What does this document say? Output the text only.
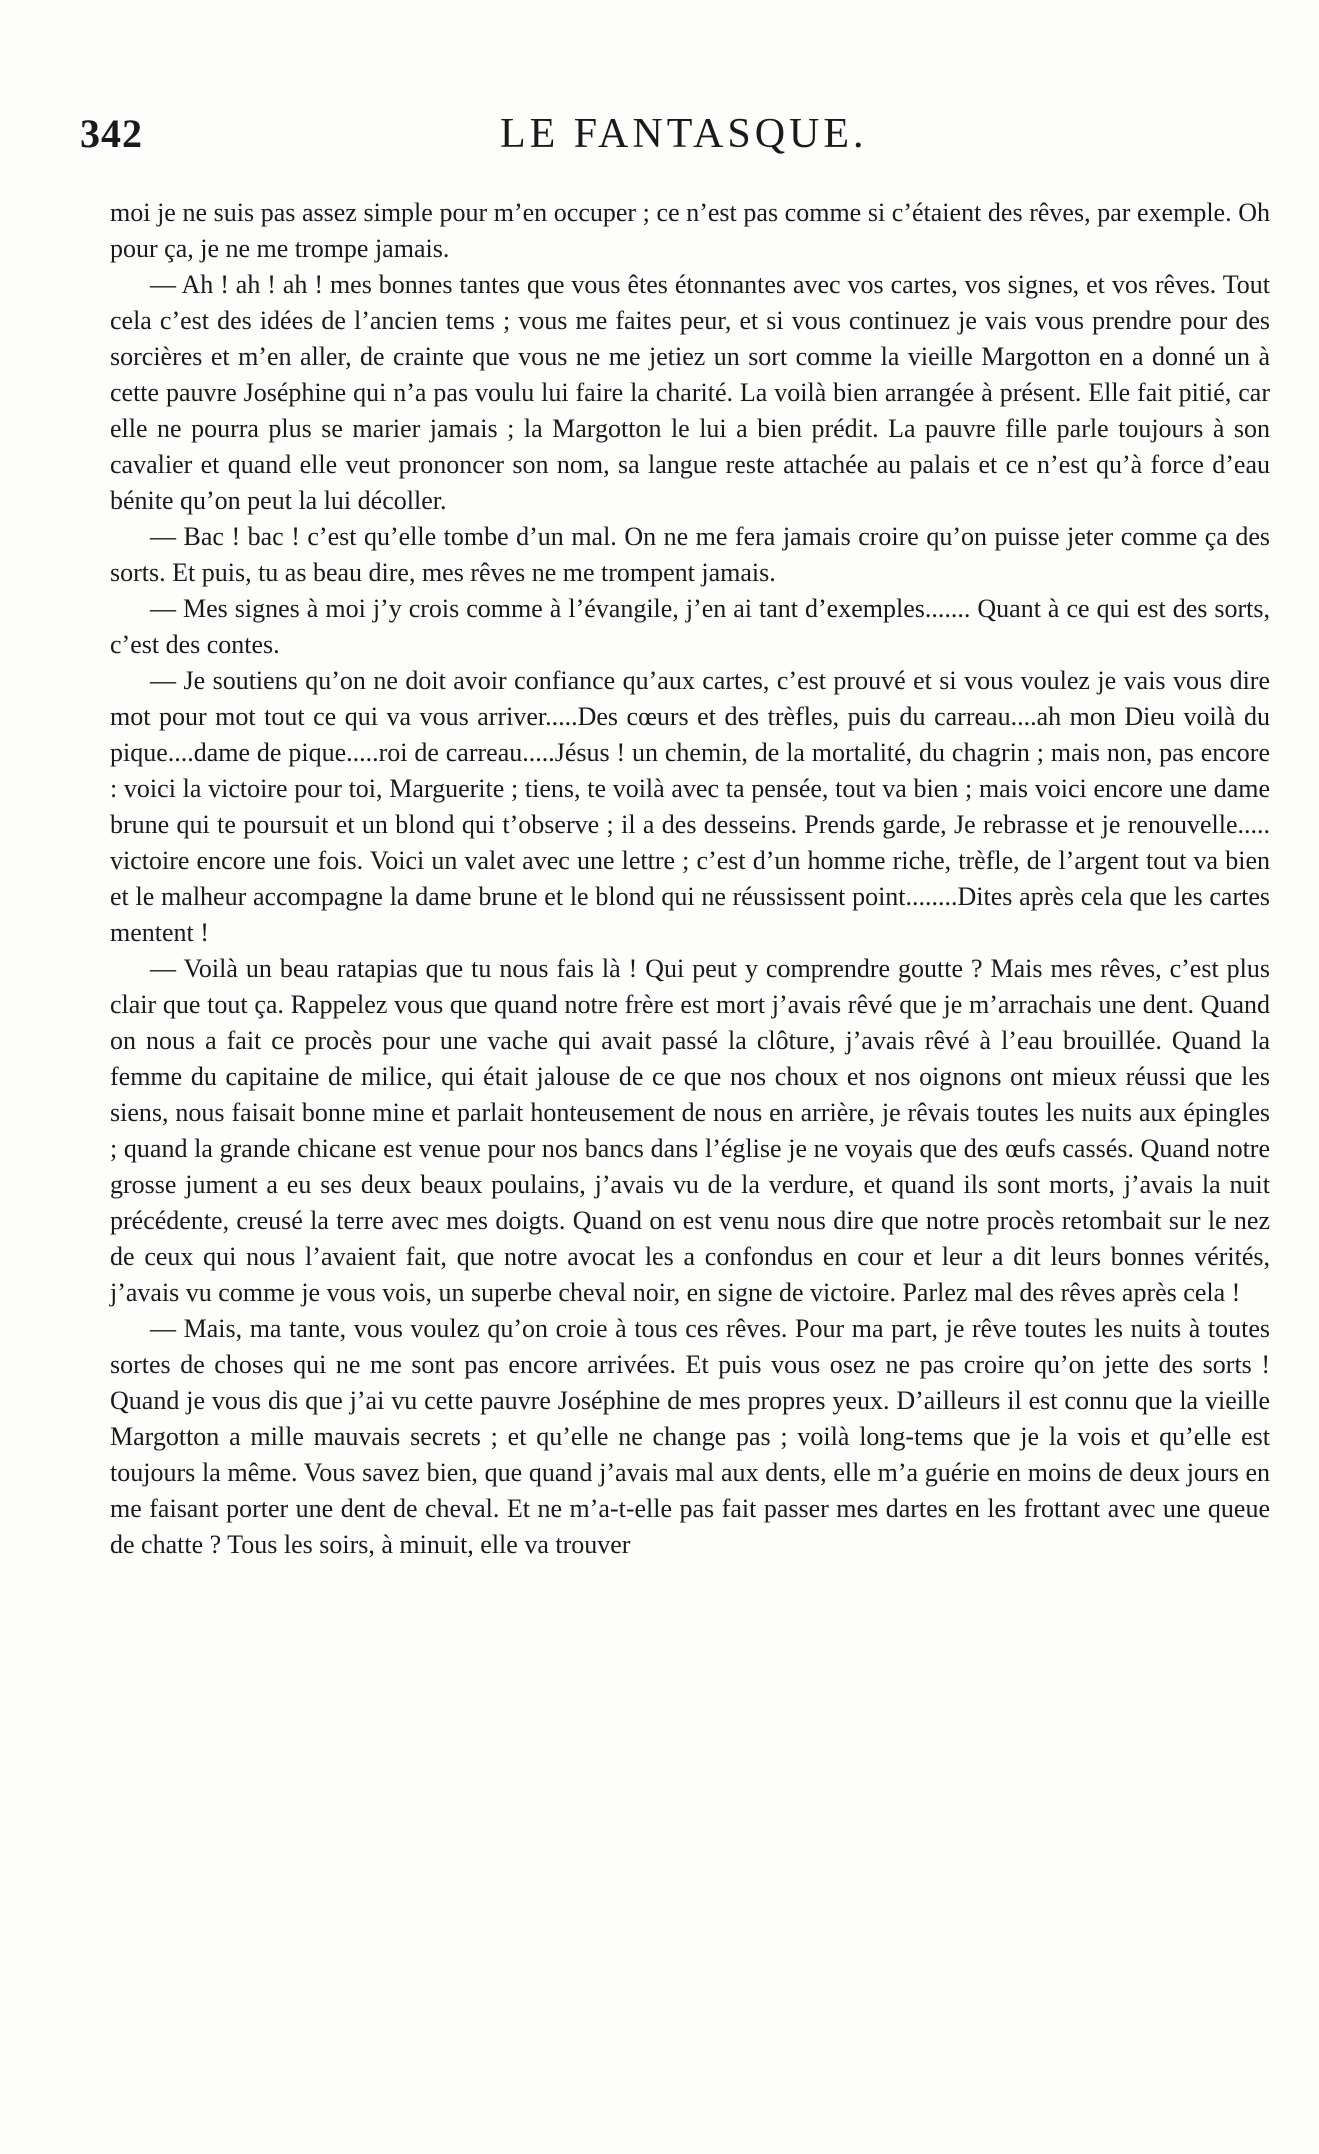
342	LE FANTASQUE.

moi je ne suis pas assez simple pour m’en occuper ; ce n’est pas comme si c’étaient des rêves, par exemple. Oh pour ça, je ne me trompe jamais.

— Ah ! ah ! ah ! mes bonnes tantes que vous êtes étonnantes avec vos cartes, vos signes, et vos rêves. Tout cela c’est des idées de l’ancien tems ; vous me faites peur, et si vous continuez je vais vous prendre pour des sorcières et m’en aller, de crainte que vous ne me jetiez un sort comme la vieille Margotton en a donné un à cette pauvre Joséphine qui n’a pas voulu lui faire la charité. La voilà bien arrangée à présent. Elle fait pitié, car elle ne pourra plus se marier jamais ; la Margotton le lui a bien prédit. La pauvre fille parle toujours à son cavalier et quand elle veut prononcer son nom, sa langue reste attachée au palais et ce n’est qu’à force d’eau bénite qu’on peut la lui décoller.

— Bac ! bac ! c’est qu’elle tombe d’un mal. On ne me fera jamais croire qu’on puisse jeter comme ça des sorts. Et puis, tu as beau dire, mes rêves ne me trompent jamais.

— Mes signes à moi j’y crois comme à l’évangile, j’en ai tant d’exemples....... Quant à ce qui est des sorts, c’est des contes.

— Je soutiens qu’on ne doit avoir confiance qu’aux cartes, c’est prouvé et si vous voulez je vais vous dire mot pour mot tout ce qui va vous arriver.....Des cœurs et des trèfles, puis du carreau....ah mon Dieu voilà du pique....dame de pique.....roi de carreau.....Jésus ! un chemin, de la mortalité, du chagrin ; mais non, pas encore : voici la victoire pour toi, Marguerite ; tiens, te voilà avec ta pensée, tout va bien ; mais voici encore une dame brune qui te poursuit et un blond qui t’observe ; il a des desseins. Prends garde, Je rebrasse et je renouvelle..... victoire encore une fois. Voici un valet avec une lettre ; c’est d’un homme riche, trèfle, de l’argent tout va bien et le malheur accompagne la dame brune et le blond qui ne réussissent point........Dites après cela que les cartes mentent !

— Voilà un beau ratapias que tu nous fais là ! Qui peut y comprendre goutte ? Mais mes rêves, c’est plus clair que tout ça. Rappelez vous que quand notre frère est mort j’avais rêvé que je m’arrachais une dent. Quand on nous a fait ce procès pour une vache qui avait passé la clôture, j’avais rêvé à l’eau brouillée. Quand la femme du capitaine de milice, qui était jalouse de ce que nos choux et nos oignons ont mieux réussi que les siens, nous faisait bonne mine et parlait honteusement de nous en arrière, je rêvais toutes les nuits aux épingles ; quand la grande chicane est venue pour nos bancs dans l’église je ne voyais que des œufs cassés. Quand notre grosse jument a eu ses deux beaux poulains, j’avais vu de la verdure, et quand ils sont morts, j’avais la nuit précédente, creusé la terre avec mes doigts. Quand on est venu nous dire que notre procès retombait sur le nez de ceux qui nous l’avaient fait, que notre avocat les a confondus en cour et leur a dit leurs bonnes vérités, j’avais vu comme je vous vois, un superbe cheval noir, en signe de victoire. Parlez mal des rêves après cela !

— Mais, ma tante, vous voulez qu’on croie à tous ces rêves. Pour ma part, je rêve toutes les nuits à toutes sortes de choses qui ne me sont pas encore arrivées. Et puis vous osez ne pas croire qu’on jette des sorts ! Quand je vous dis que j’ai vu cette pauvre Joséphine de mes propres yeux. D’ailleurs il est connu que la vieille Margotton a mille mauvais secrets ; et qu’elle ne change pas ; voilà long-tems que je la vois et qu’elle est toujours la même. Vous savez bien, que quand j’avais mal aux dents, elle m’a guérie en moins de deux jours en me faisant porter une dent de cheval. Et ne m’a-t-elle pas fait passer mes dartes en les frottant avec une queue de chatte ? Tous les soirs, à minuit, elle va trouver
